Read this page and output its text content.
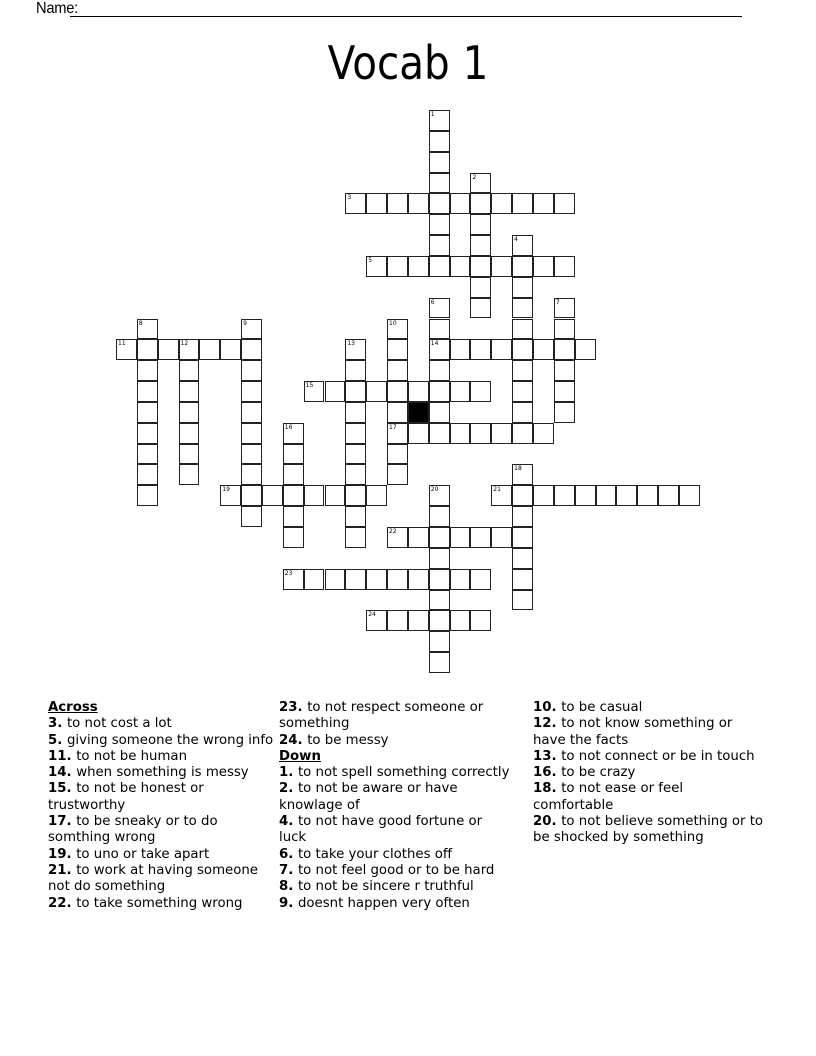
Name:
Vocab 1
1
2
3
4
5
6
14
7
8	9	10
17
11	12	13
15
16
18
19	20	21
22
23
24
Across
3. to not cost a lot
5. giving someone the wrong info
11. to not be human
14. when something is messy
15. to not be honest or trustworthy
17. to be sneaky or to do somthing wrong
19. to uno or take apart
21. to work at having someone not do something
22. to take something wrong
23. to not respect someone or something
24. to be messy
Down
1. to not spell something correctly
2. to not be aware or have knowlage of
4. to not have good fortune or luck
6. to take your clothes off
7. to not feel good or to be hard
8. to not be sincere r truthful
9. doesnt happen very often
10. to be casual
12. to not know something or have the facts
13. to not connect or be in touch
16. to be crazy
18. to not ease or feel comfortable
20. to not believe something or to be shocked by something
